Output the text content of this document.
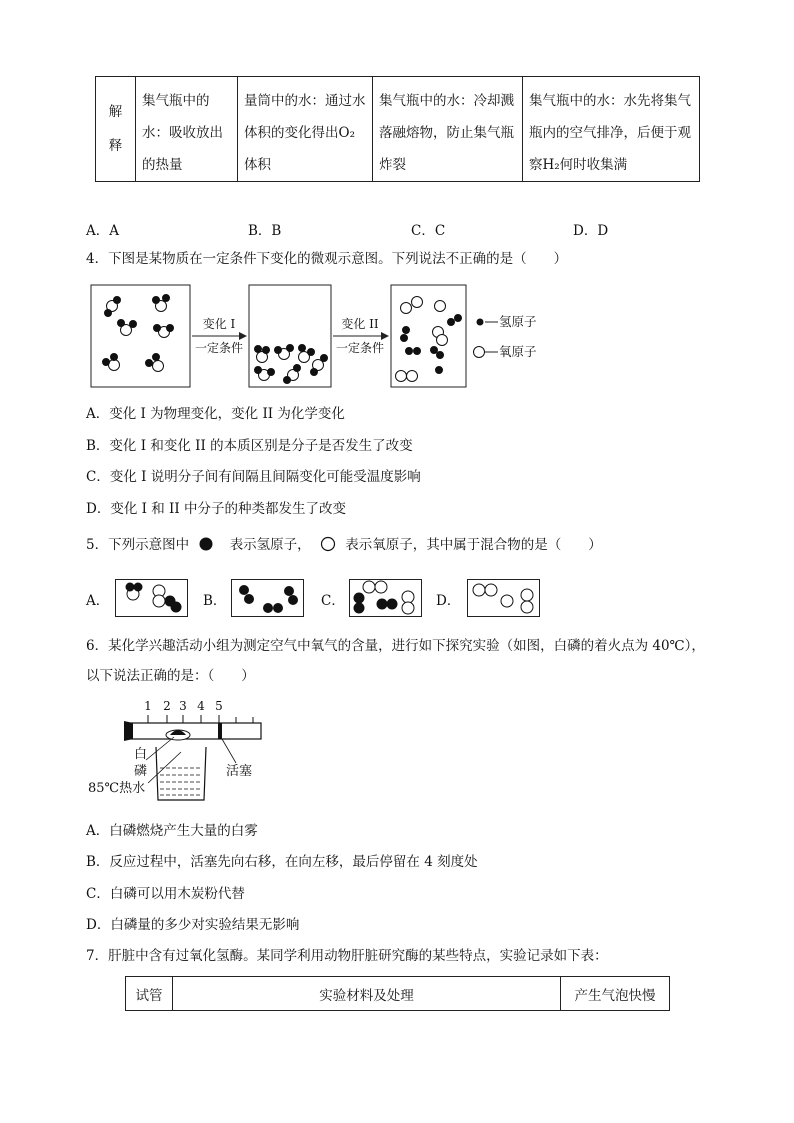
解释
	集气瓶中的水：吸收放出的热量	量筒中的水：通过水体积的变化得出O₂体积	集气瓶中的水：冷却溅落融熔物，防止集气瓶炸裂	集气瓶中的水：水先将集气瓶内的空气排净，后便于观察H₂何时收集满
A．A	B．B	C．C	D．D
4．下图是某物质在一定条件下变化的微观示意图。下列说法不正确的是（　　）
变化 I
一定条件
变化 II
一定条件
氢原子
氧原子
A．变化 I 为物理变化，变化 II 为化学变化
B．变化 I 和变化 II 的本质区别是分子是否发生了改变
C．变化 I 说明分子间有间隔且间隔变化可能受温度影响
D．变化 I 和 II 中分子的种类都发生了改变
5．下列示意图中	表示氢原子，	表示氧原子，其中属于混合物的是（　　）
A．	B．	C．	D．
6．某化学兴趣活动小组为测定空气中氧气的含量，进行如下探究实验（如图，白磷的着火点为 40℃），
以下说法正确的是：（　　）
1 2 3 4 5
白
磷	活塞
85℃热水
A．白磷燃烧产生大量的白雾
B．反应过程中，活塞先向右移，在向左移，最后停留在 4 刻度处
C．白磷可以用木炭粉代替
D．白磷量的多少对实验结果无影响
7．肝脏中含有过氧化氢酶。某同学利用动物肝脏研究酶的某些特点，实验记录如下表：
试管	实验材料及处理	产生气泡快慢
